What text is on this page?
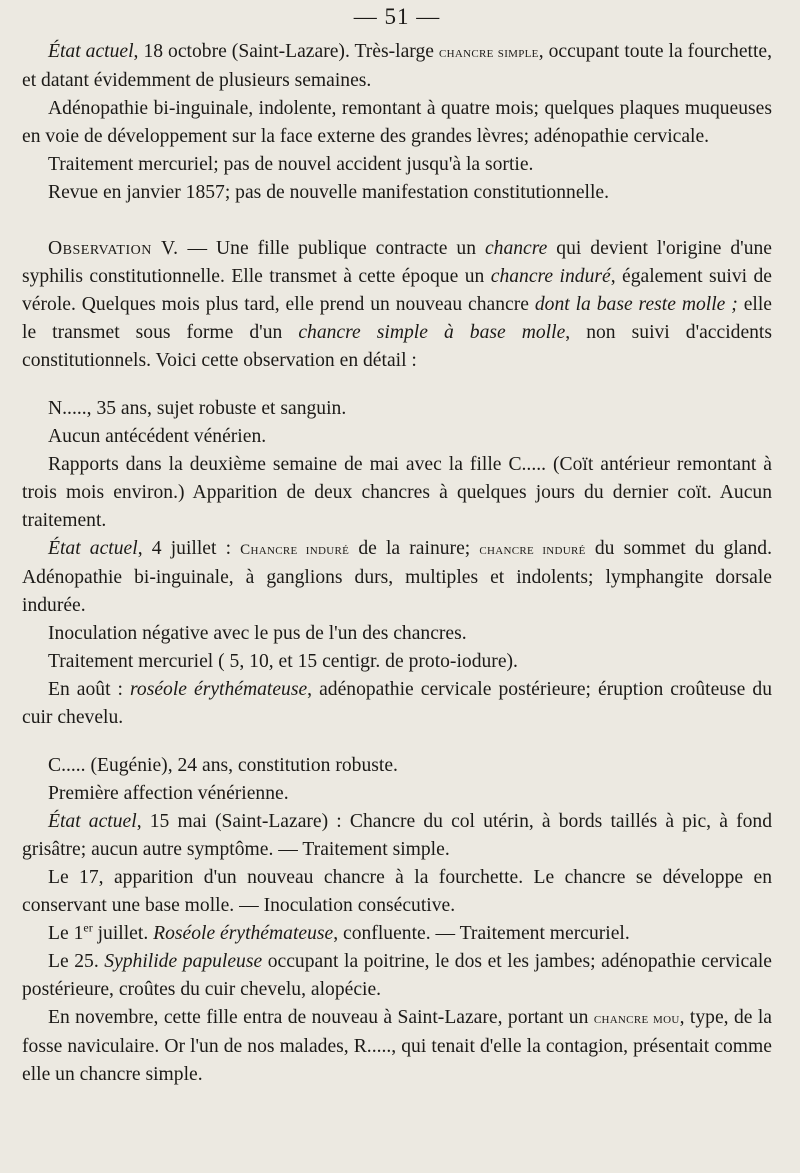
— 51 —

État actuel, 18 octobre (Saint-Lazare). Très-large chancre simple, occupant toute la fourchette, et datant évidemment de plusieurs semaines.

Adénopathie bi-inguinale, indolente, remontant à quatre mois; quelques plaques muqueuses en voie de développement sur la face externe des grandes lèvres; adénopathie cervicale.

Traitement mercuriel; pas de nouvel accident jusqu'à la sortie.

Revue en janvier 1857; pas de nouvelle manifestation constitutionnelle.

Observation V. — Une fille publique contracte un chancre qui devient l'origine d'une syphilis constitutionnelle. Elle transmet à cette époque un chancre induré, également suivi de vérole. Quelques mois plus tard, elle prend un nouveau chancre dont la base reste molle ; elle le transmet sous forme d'un chancre simple à base molle, non suivi d'accidents constitutionnels. Voici cette observation en détail :

N....., 35 ans, sujet robuste et sanguin.

Aucun antécédent vénérien.

Rapports dans la deuxième semaine de mai avec la fille C..... (Coït antérieur remontant à trois mois environ.) Apparition de deux chancres à quelques jours du dernier coït. Aucun traitement.

État actuel, 4 juillet : Chancre induré de la rainure; chancre induré du sommet du gland. Adénopathie bi-inguinale, à ganglions durs, multiples et indolents; lymphangite dorsale indurée.

Inoculation négative avec le pus de l'un des chancres.

Traitement mercuriel ( 5, 10, et 15 centigr. de proto-iodure).

En août : roséole érythémateuse, adénopathie cervicale postérieure; éruption croûteuse du cuir chevelu.

C..... (Eugénie), 24 ans, constitution robuste.

Première affection vénérienne.

État actuel, 15 mai (Saint-Lazare) : Chancre du col utérin, à bords taillés à pic, à fond grisâtre; aucun autre symptôme. — Traitement simple.

Le 17, apparition d'un nouveau chancre à la fourchette. Le chancre se développe en conservant une base molle. — Inoculation consécutive.

Le 1er juillet. Roséole érythémateuse, confluente. — Traitement mercuriel.

Le 25. Syphilide papuleuse occupant la poitrine, le dos et les jambes; adénopathie cervicale postérieure, croûtes du cuir chevelu, alopécie.

En novembre, cette fille entra de nouveau à Saint-Lazare, portant un chancre mou, type, de la fosse naviculaire. Or l'un de nos malades, R....., qui tenait d'elle la contagion, présentait comme elle un chancre simple.
